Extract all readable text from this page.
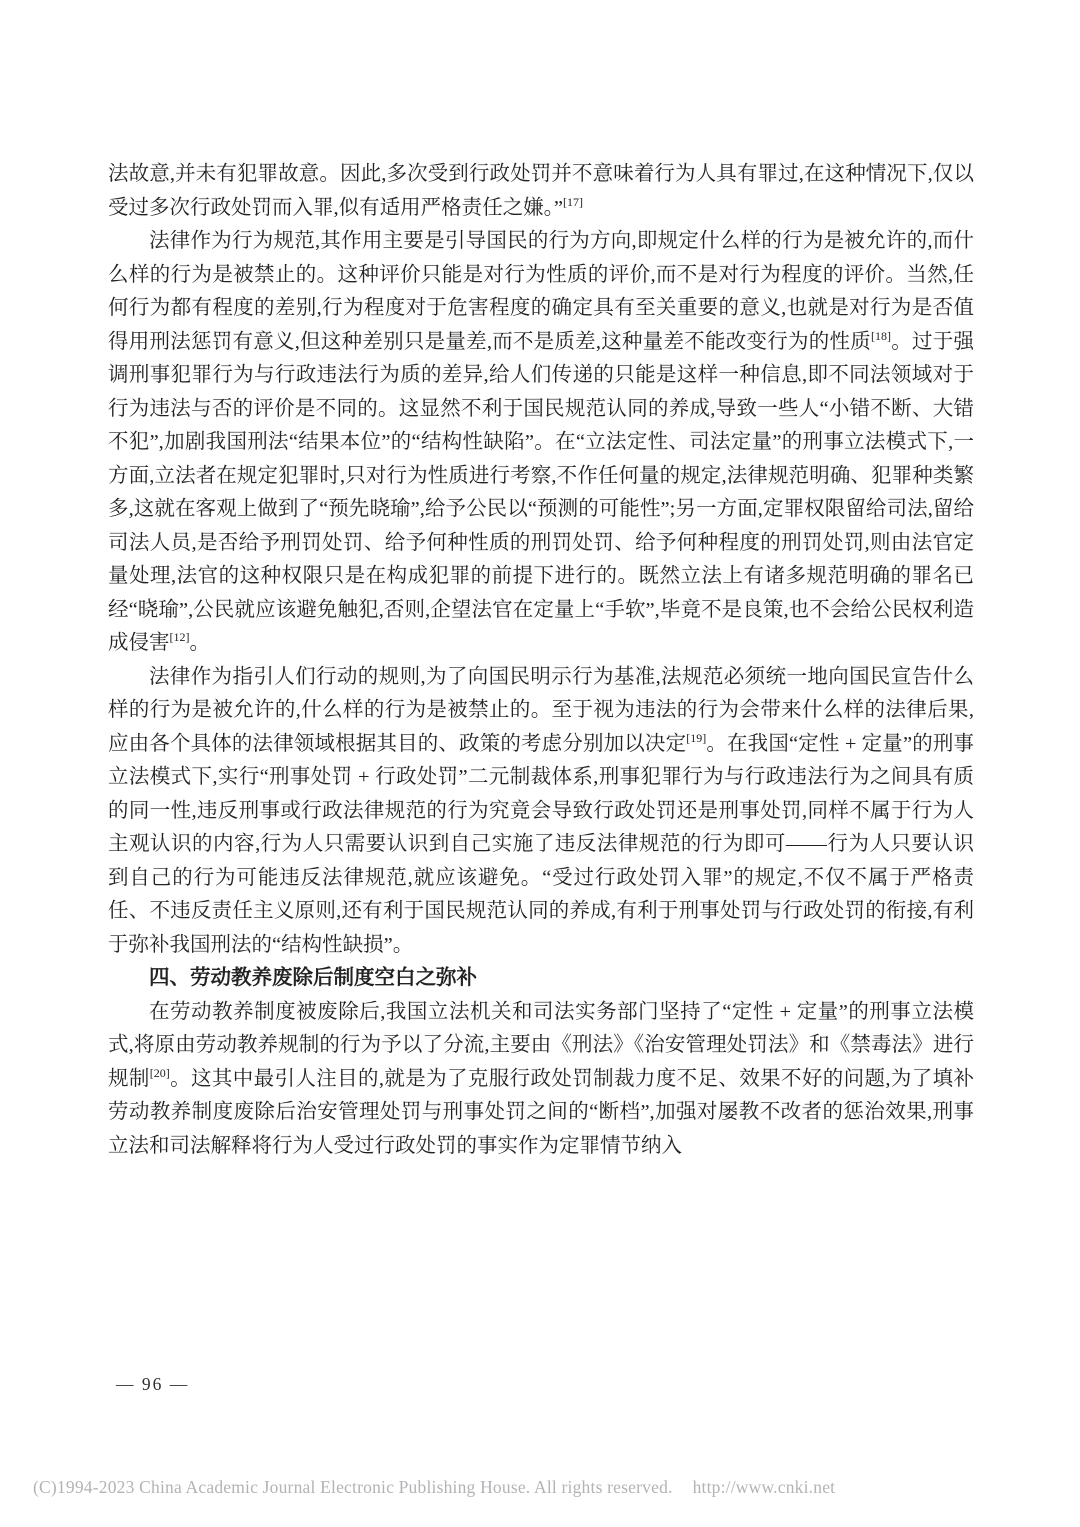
法故意,并未有犯罪故意。因此,多次受到行政处罚并不意味着行为人具有罪过,在这种情况下,仅以受过多次行政处罚而入罪,似有适用严格责任之嫌。”[17]

法律作为行为规范,其作用主要是引导国民的行为方向,即规定什么样的行为是被允许的,而什么样的行为是被禁止的。这种评价只能是对行为性质的评价,而不是对行为程度的评价。当然,任何行为都有程度的差别,行为程度对于危害程度的确定具有至关重要的意义,也就是对行为是否值得用刑法惩罚有意义,但这种差别只是量差,而不是质差,这种量差不能改变行为的性质[18]。过于强调刑事犯罪行为与行政违法行为质的差异,给人们传递的只能是这样一种信息,即不同法领域对于行为违法与否的评价是不同的。这显然不利于国民规范认同的养成,导致一些人“小错不断、大错不犯”,加剧我国刑法“结果本位”的“结构性缺陷”。在“立法定性、司法定量”的刑事立法模式下,一方面,立法者在规定犯罪时,只对行为性质进行考察,不作任何量的规定,法律规范明确、犯罪种类繁多,这就在客观上做到了“预先晓瑜”,给予公民以“预测的可能性”;另一方面,定罪权限留给司法,留给司法人员,是否给予刑罚处罚、给予何种性质的刑罚处罚、给予何种程度的刑罚处罚,则由法官定量处理,法官的这种权限只是在构成犯罪的前提下进行的。既然立法上有诸多规范明确的罪名已经“晓瑜”,公民就应该避免触犯,否则,企望法官在定量上“手软”,毕竟不是良策,也不会给公民权利造成侵害[12]。

法律作为指引人们行动的规则,为了向国民明示行为基准,法规范必须统一地向国民宣告什么样的行为是被允许的,什么样的行为是被禁止的。至于视为违法的行为会带来什么样的法律后果,应由各个具体的法律领域根据其目的、政策的考虑分别加以决定[19]。在我国“定性 + 定量”的刑事立法模式下,实行“刑事处罚 + 行政处罚”二元制裁体系,刑事犯罪行为与行政违法行为之间具有质的同一性,违反刑事或行政法律规范的行为究竟会导致行政处罚还是刑事处罚,同样不属于行为人主观认识的内容,行为人只需要认识到自己实施了违反法律规范的行为即可——行为人只要认识到自己的行为可能违反法律规范,就应该避免。“受过行政处罚入罪”的规定,不仅不属于严格责任、不违反责任主义原则,还有利于国民规范认同的养成,有利于刑事处罚与行政处罚的衔接,有利于弥补我国刑法的“结构性缺损”。

四、劳动教养废除后制度空白之弥补

在劳动教养制度被废除后,我国立法机关和司法实务部门坚持了“定性 + 定量”的刑事立法模式,将原由劳动教养规制的行为予以了分流,主要由《刑法》《治安管理处罚法》和《禁毒法》进行规制[20]。这其中最引人注目的,就是为了克服行政处罚制裁力度不足、效果不好的问题,为了填补劳动教养制度废除后治安管理处罚与刑事处罚之间的“断档”,加强对屡教不改者的惩治效果,刑事立法和司法解释将行为人受过行政处罚的事实作为定罪情节纳入

— 96 —
(C)1994-2023 China Academic Journal Electronic Publishing House. All rights reserved. http://www.cnki.net
